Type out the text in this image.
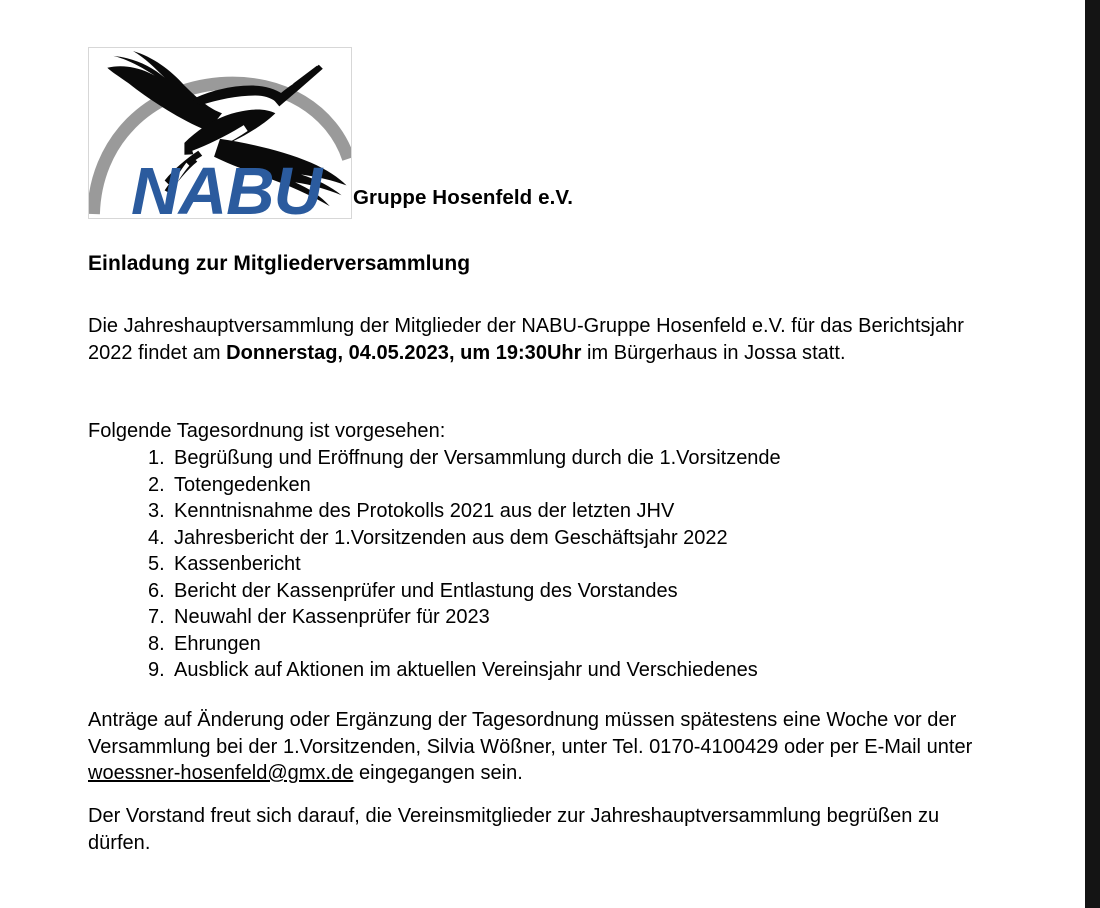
NABU Gruppe Hosenfeld e.V.
Einladung zur Mitgliederversammlung
Die Jahreshauptversammlung der Mitglieder der NABU-Gruppe Hosenfeld e.V. für das Berichtsjahr 2022 findet am Donnerstag, 04.05.2023, um 19:30Uhr im Bürgerhaus in Jossa statt.
Folgende Tagesordnung ist vorgesehen:
1. Begrüßung und Eröffnung der Versammlung durch die 1.Vorsitzende
2. Totengedenken
3. Kenntnisnahme des Protokolls 2021 aus der letzten JHV
4. Jahresbericht der 1.Vorsitzenden aus dem Geschäftsjahr 2022
5. Kassenbericht
6. Bericht der Kassenprüfer und Entlastung des Vorstandes
7. Neuwahl der Kassenprüfer für 2023
8. Ehrungen
9. Ausblick auf Aktionen im aktuellen Vereinsjahr und Verschiedenes
Anträge auf Änderung oder Ergänzung der Tagesordnung müssen spätestens eine Woche vor der Versammlung bei der 1.Vorsitzenden, Silvia Wößner, unter Tel. 0170-4100429 oder per E-Mail unter woessner-hosenfeld@gmx.de eingegangen sein.
Der Vorstand freut sich darauf, die Vereinsmitglieder zur Jahreshauptversammlung begrüßen zu dürfen.
